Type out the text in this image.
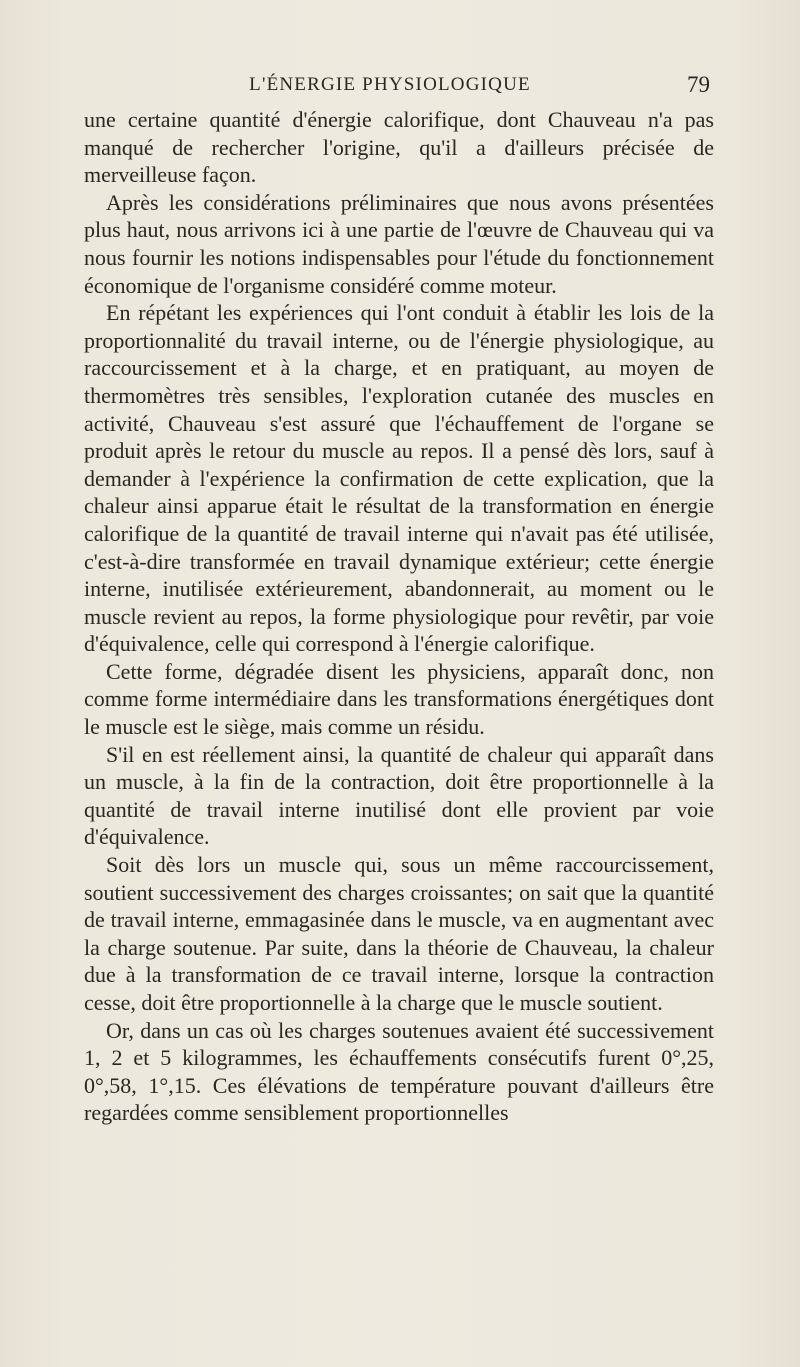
L'ÉNERGIE PHYSIOLOGIQUE	79

une certaine quantité d'énergie calorifique, dont Chauveau n'a pas manqué de rechercher l'origine, qu'il a d'ailleurs précisée de merveilleuse façon.

Après les considérations préliminaires que nous avons présentées plus haut, nous arrivons ici à une partie de l'œuvre de Chauveau qui va nous fournir les notions indispensables pour l'étude du fonctionnement économique de l'organisme considéré comme moteur.

En répétant les expériences qui l'ont conduit à établir les lois de la proportionnalité du travail interne, ou de l'énergie physiologique, au raccourcissement et à la charge, et en pratiquant, au moyen de thermomètres très sensibles, l'exploration cutanée des muscles en activité, Chauveau s'est assuré que l'échauffement de l'organe se produit après le retour du muscle au repos. Il a pensé dès lors, sauf à demander à l'expérience la confirmation de cette explication, que la chaleur ainsi apparue était le résultat de la transformation en énergie calorifique de la quantité de travail interne qui n'avait pas été utilisée, c'est-à-dire transformée en travail dynamique extérieur; cette énergie interne, inutilisée extérieurement, abandonnerait, au moment ou le muscle revient au repos, la forme physiologique pour revêtir, par voie d'équivalence, celle qui correspond à l'énergie calorifique.

Cette forme, dégradée disent les physiciens, apparaît donc, non comme forme intermédiaire dans les transformations énergétiques dont le muscle est le siège, mais comme un résidu.

S'il en est réellement ainsi, la quantité de chaleur qui apparaît dans un muscle, à la fin de la contraction, doit être proportionnelle à la quantité de travail interne inutilisé dont elle provient par voie d'équivalence.

Soit dès lors un muscle qui, sous un même raccourcissement, soutient successivement des charges croissantes; on sait que la quantité de travail interne, emmagasinée dans le muscle, va en augmentant avec la charge soutenue. Par suite, dans la théorie de Chauveau, la chaleur due à la transformation de ce travail interne, lorsque la contraction cesse, doit être proportionnelle à la charge que le muscle soutient.

Or, dans un cas où les charges soutenues avaient été successivement 1, 2 et 5 kilogrammes, les échauffements consécutifs furent 0°,25, 0°,58, 1°,15. Ces élévations de température pouvant d'ailleurs être regardées comme sensiblement proportionnelles
